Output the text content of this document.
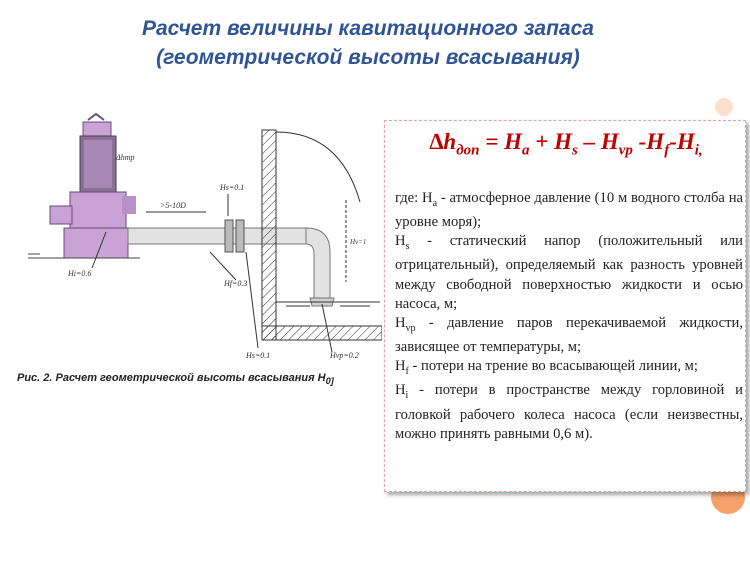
Расчет величины кавитационного запаса
(геометрической высоты всасывания)
Δhтр
Hs=0.1
>5-10D
Hf=0.3
Hi=0.6
Hs=0.1	Hvp=0.2
Hv=1
Рис. 2. Расчет геометрической высоты всасывания $Н_{0]}$
$\Delta h_{доп} = H_a + H_s - H_{vp}$ $-H_f-H_{i,}$

где: $H_a$ - атмосферное давление (10 м водного столба на уровне моря);

$H_s$ - статический напор (положительный или отрицательный), определяемый как разность уровней между свободной поверхностью жидкости и осью насоса, м;

$H_{vp}$ - давление паров перекачиваемой жидкости, зависящее от температуры, м;

$H_f$ - потери на трение во всасывающей линии, м;

$H_i$ - потери в пространстве между горловиной и головкой рабочего колеса насоса (если неизвестны, можно принять равными 0,6 м).
